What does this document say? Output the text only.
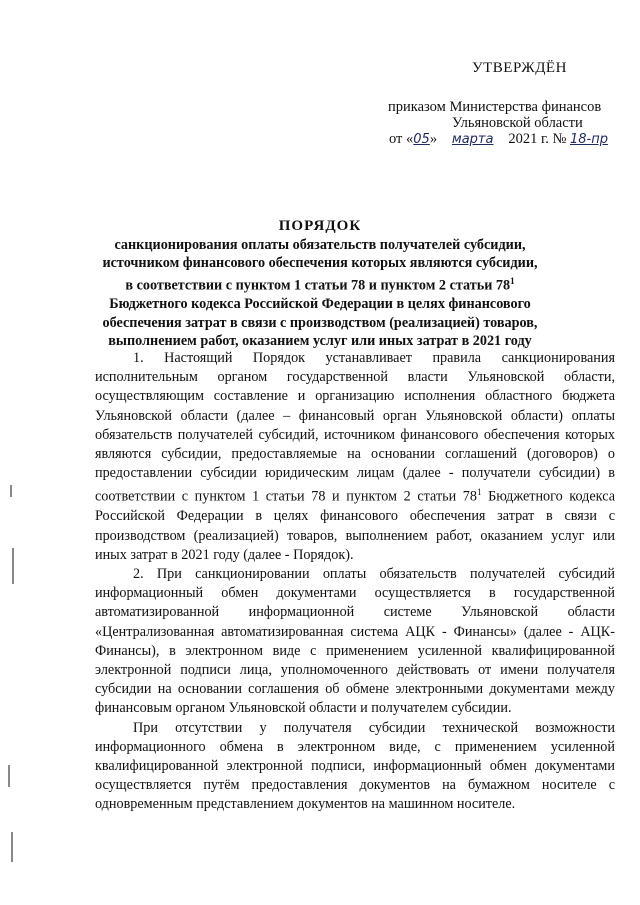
УТВЕРЖДЁН
приказом Министерства финансов
Ульяновской области
от «05» марта 2021 г. № 18-пр
ПОРЯДОК
санкционирования оплаты обязательств получателей субсидии,
источником финансового обеспечения которых являются субсидии,
в соответствии с пунктом 1 статьи 78 и пунктом 2 статьи $78^1$
Бюджетного кодекса Российской Федерации в целях финансового
обеспечения затрат в связи с производством (реализацией) товаров,
выполнением работ, оказанием услуг или иных затрат в 2021 году

1. Настоящий Порядок устанавливает правила санкционирования исполнительным органом государственной власти Ульяновской области, осуществляющим составление и организацию исполнения областного бюджета Ульяновской области (далее – финансовый орган Ульяновской области) оплаты обязательств получателей субсидий, источником финансового обеспечения которых являются субсидии, предоставляемые на основании соглашений (договоров) о предоставлении субсидии юридическим лицам (далее - получатели субсидии) в соответствии с пунктом 1 статьи 78 и пунктом 2 статьи $78^1$ Бюджетного кодекса Российской Федерации в целях финансового обеспечения затрат в связи с производством (реализацией) товаров, выполнением работ, оказанием услуг или иных затрат в 2021 году (далее - Порядок).

2. При санкционировании оплаты обязательств получателей субсидий информационный обмен документами осуществляется в государственной автоматизированной информационной системе Ульяновской области «Централизованная автоматизированная система АЦК - Финансы» (далее - АЦК-Финансы), в электронном виде с применением усиленной квалифицированной электронной подписи лица, уполномоченного действовать от имени получателя субсидии на основании соглашения об обмене электронными документами между финансовым органом Ульяновской области и получателем субсидии.

При отсутствии у получателя субсидии технической возможности информационного обмена в электронном виде, с применением усиленной квалифицированной электронной подписи, информационный обмен документами осуществляется путём предоставления документов на бумажном носителе с одновременным представлением документов на машинном носителе.
